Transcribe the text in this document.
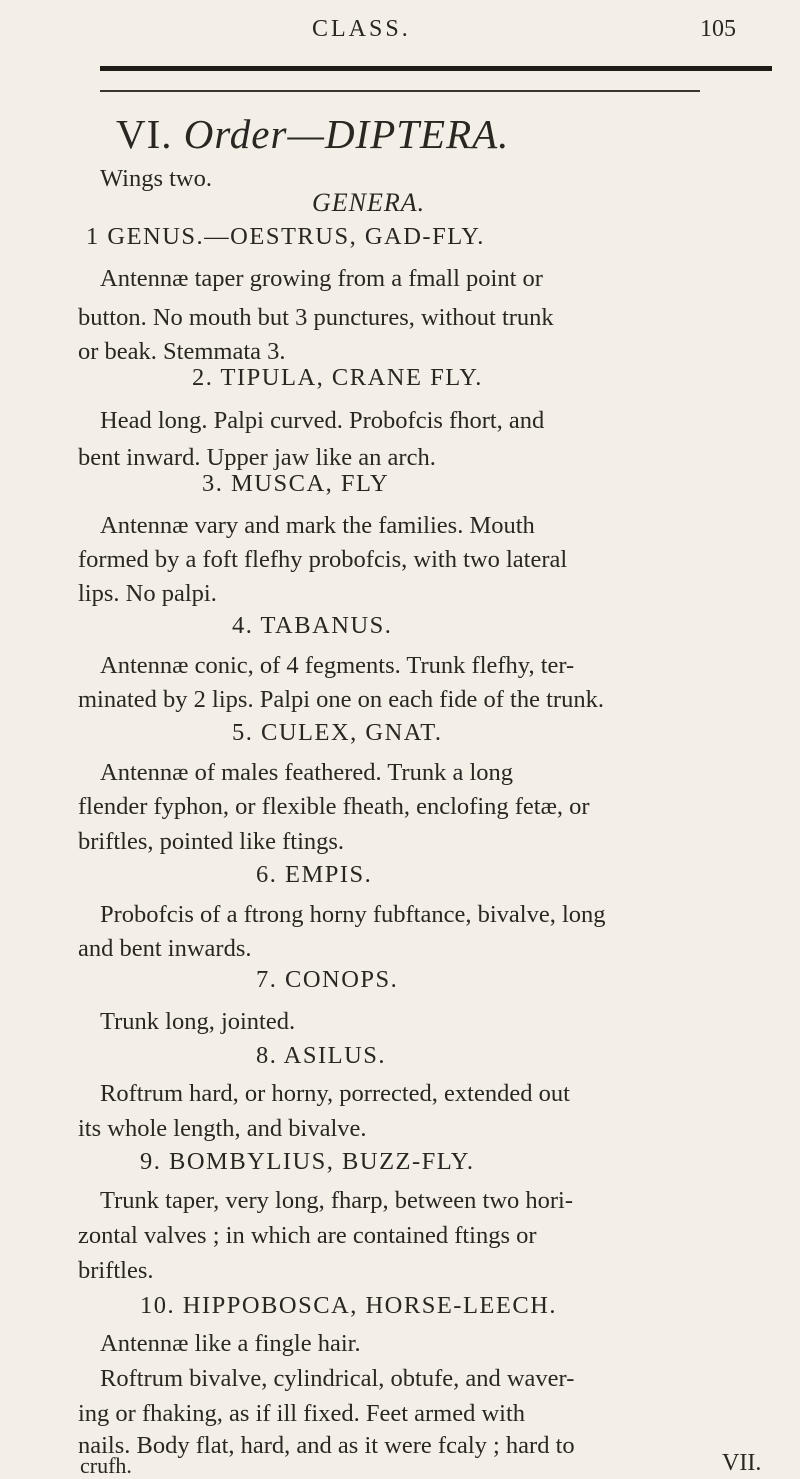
CLASS.	105
VI. Order—DIPTERA.
Wings two.
GENERA.
1 GENUS.—OESTRUS, GAD-FLY.
Antennæ taper growing from a fmall point or
button. No mouth but 3 punctures, without trunk
or beak. Stemmata 3.
2. TIPULA, CRANE FLY.
Head long. Palpi curved. Probofcis fhort, and
bent inward. Upper jaw like an arch.
3. MUSCA, FLY
Antennæ vary and mark the families. Mouth
formed by a foft flefhy probofcis, with two lateral
lips. No palpi.
4. TABANUS.
Antennæ conic, of 4 fegments. Trunk flefhy, ter-
minated by 2 lips. Palpi one on each fide of the trunk.
5. CULEX, GNAT.
Antennæ of males feathered. Trunk a long
flender fyphon, or flexible fheath, enclofing fetæ, or
briftles, pointed like ftings.
6. EMPIS.
Probofcis of a ftrong horny fubftance, bivalve, long
and bent inwards.
7. CONOPS.
Trunk long, jointed.
8. ASILUS.
Roftrum hard, or horny, porrected, extended out
its whole length, and bivalve.
9. BOMBYLIUS, BUZZ-FLY.
Trunk taper, very long, fharp, between two hori-
zontal valves ; in which are contained ftings or
briftles.
10. HIPPOBOSCA, HORSE-LEECH.
Antennæ like a fingle hair.
Roftrum bivalve, cylindrical, obtufe, and waver-
ing or fhaking, as if ill fixed. Feet armed with
nails. Body flat, hard, and as it were fcaly ; hard to
crufh.	VII.
